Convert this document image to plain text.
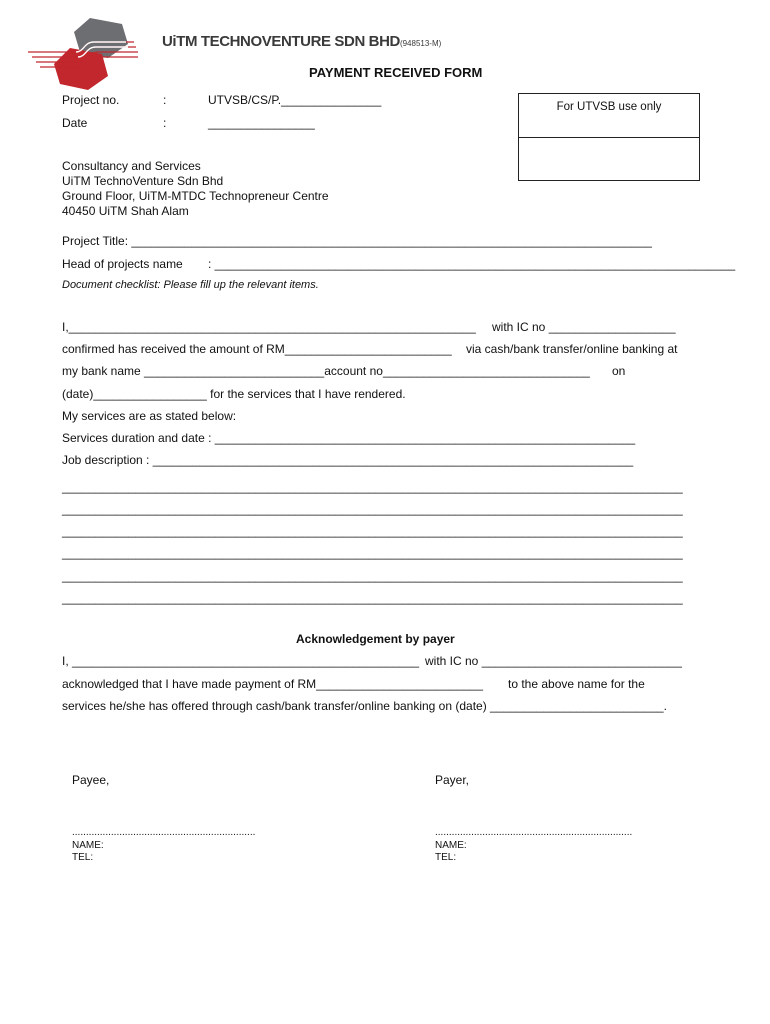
UiTM TECHNOVENTURE SDN BHD(948513-M)
PAYMENT RECEIVED FORM
For UTVSB use only
Project no.	:	UTVSB/CS/P._______________
Date	:	________________
Consultancy and Services
UiTM TechnoVenture Sdn Bhd
Ground Floor, UiTM-MTDC Technopreneur Centre
40450 UiTM Shah Alam
Project Title: ______________________________________________________________________________
Head of projects name : ______________________________________________________________________________
Document checklist: Please fill up the relevant items.
I,_____________________________________________________________ with IC no ___________________
confirmed has received the amount of RM_________________________ via cash/bank transfer/online banking at
my bank name ___________________________account no_______________________________ on
(date)_________________ for the services that I have rendered.
My services are as stated below:
Services duration and date : _______________________________________________________________
Job description : ________________________________________________________________________
_____________________________________________________________________________________________
_____________________________________________________________________________________________
_____________________________________________________________________________________________
_____________________________________________________________________________________________
_____________________________________________________________________________________________
_____________________________________________________________________________________________
Acknowledgement by payer
I, ____________________________________________________ with IC no ______________________________
acknowledged that I have made payment of RM_________________________ to the above name for the
services he/she has offered through cash/bank transfer/online banking on (date) __________________________.
Payee,	Payer,
..................................................................	.......................................................................
NAME:
TEL:
NAME:
TEL:
